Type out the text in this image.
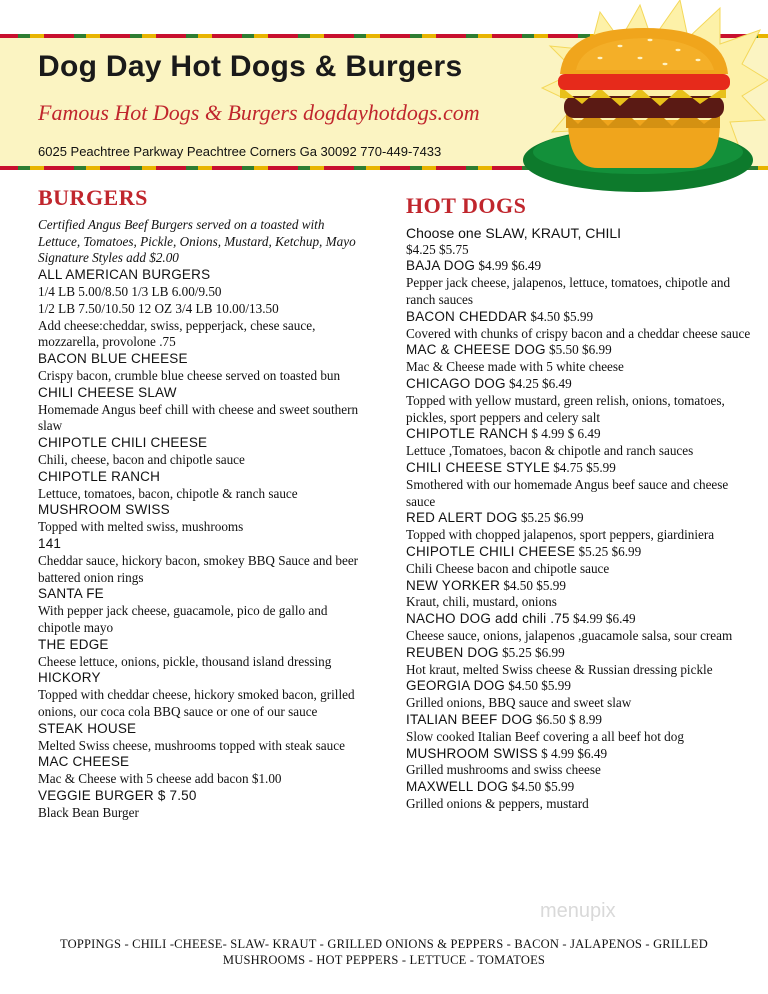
Dog Day Hot Dogs & Burgers
Famous Hot Dogs & Burgers dogdayhotdogs.com
6025 Peachtree Parkway Peachtree Corners Ga 30092 770-449-7433
BURGERS
Certified Angus Beef Burgers served on a toasted with Lettuce, Tomatoes, Pickle, Onions, Mustard, Ketchup, Mayo Signature Styles add $2.00
ALL AMERICAN BURGERS
1/4 LB 5.00/8.50 1/3 LB 6.00/9.50
1/2 LB 7.50/10.50 12 OZ 3/4 LB 10.00/13.50
Add cheese:cheddar, swiss, pepperjack, chese sauce, mozzarella, provolone .75
BACON BLUE CHEESE
Crispy bacon, crumble blue cheese served on toasted bun
CHILI CHEESE SLAW
Homemade Angus beef chill with cheese and sweet southern slaw
CHIPOTLE CHILI CHEESE
Chili, cheese, bacon and chipotle sauce
CHIPOTLE RANCH
Lettuce, tomatoes, bacon, chipotle & ranch sauce
MUSHROOM SWISS
Topped with melted swiss, mushrooms
141
Cheddar sauce, hickory bacon, smokey BBQ Sauce and beer battered onion rings
SANTA FE
With pepper jack cheese, guacamole, pico de gallo and chipotle mayo
THE EDGE
Cheese lettuce, onions, pickle, thousand island dressing
HICKORY
Topped with cheddar cheese, hickory smoked bacon, grilled onions, our coca cola BBQ sauce or one of our sauce
STEAK HOUSE
Melted Swiss cheese, mushrooms topped with steak sauce
MAC CHEESE
Mac & Cheese with 5 cheese add bacon $1.00
VEGGIE BURGER $ 7.50
Black Bean Burger
HOT DOGS
Choose one SLAW, KRAUT, CHILI
$4.25 $5.75
BAJA DOG $4.99 $6.49
Pepper jack cheese, jalapenos, lettuce, tomatoes, chipotle and ranch sauces
BACON CHEDDAR $4.50 $5.99
Covered with chunks of crispy bacon and a cheddar cheese sauce
MAC & CHEESE DOG $5.50 $6.99
Mac & Cheese made with 5 white cheese
CHICAGO DOG $4.25 $6.49
Topped with yellow mustard, green relish, onions, tomatoes, pickles, sport peppers and celery salt
CHIPOTLE RANCH $ 4.99 $ 6.49
Lettuce ,Tomatoes, bacon & chipotle and ranch sauces
CHILI CHEESE STYLE $4.75 $5.99
Smothered with our homemade Angus beef sauce and cheese sauce
RED ALERT DOG $5.25 $6.99
Topped with chopped jalapenos, sport peppers, giardiniera
CHIPOTLE CHILI CHEESE $5.25 $6.99
Chili Cheese bacon and chipotle sauce
NEW YORKER $4.50 $5.99
Kraut, chili, mustard, onions
NACHO DOG add chili .75 $4.99 $6.49
Cheese sauce, onions, jalapenos ,guacamole salsa, sour cream
REUBEN DOG $5.25 $6.99
Hot kraut, melted Swiss cheese & Russian dressing pickle
GEORGIA DOG $4.50 $5.99
Grilled onions, BBQ sauce and sweet slaw
ITALIAN BEEF DOG $6.50 $ 8.99
Slow cooked Italian Beef covering a all beef hot dog
MUSHROOM SWISS $ 4.99 $6.49
Grilled mushrooms and swiss cheese
MAXWELL DOG $4.50 $5.99
Grilled onions & peppers, mustard
menupix
TOPPINGS - CHILI -CHEESE- SLAW- KRAUT - GRILLED ONIONS & PEPPERS - BACON - JALAPENOS - GRILLED MUSHROOMS - HOT PEPPERS - LETTUCE - TOMATOES
